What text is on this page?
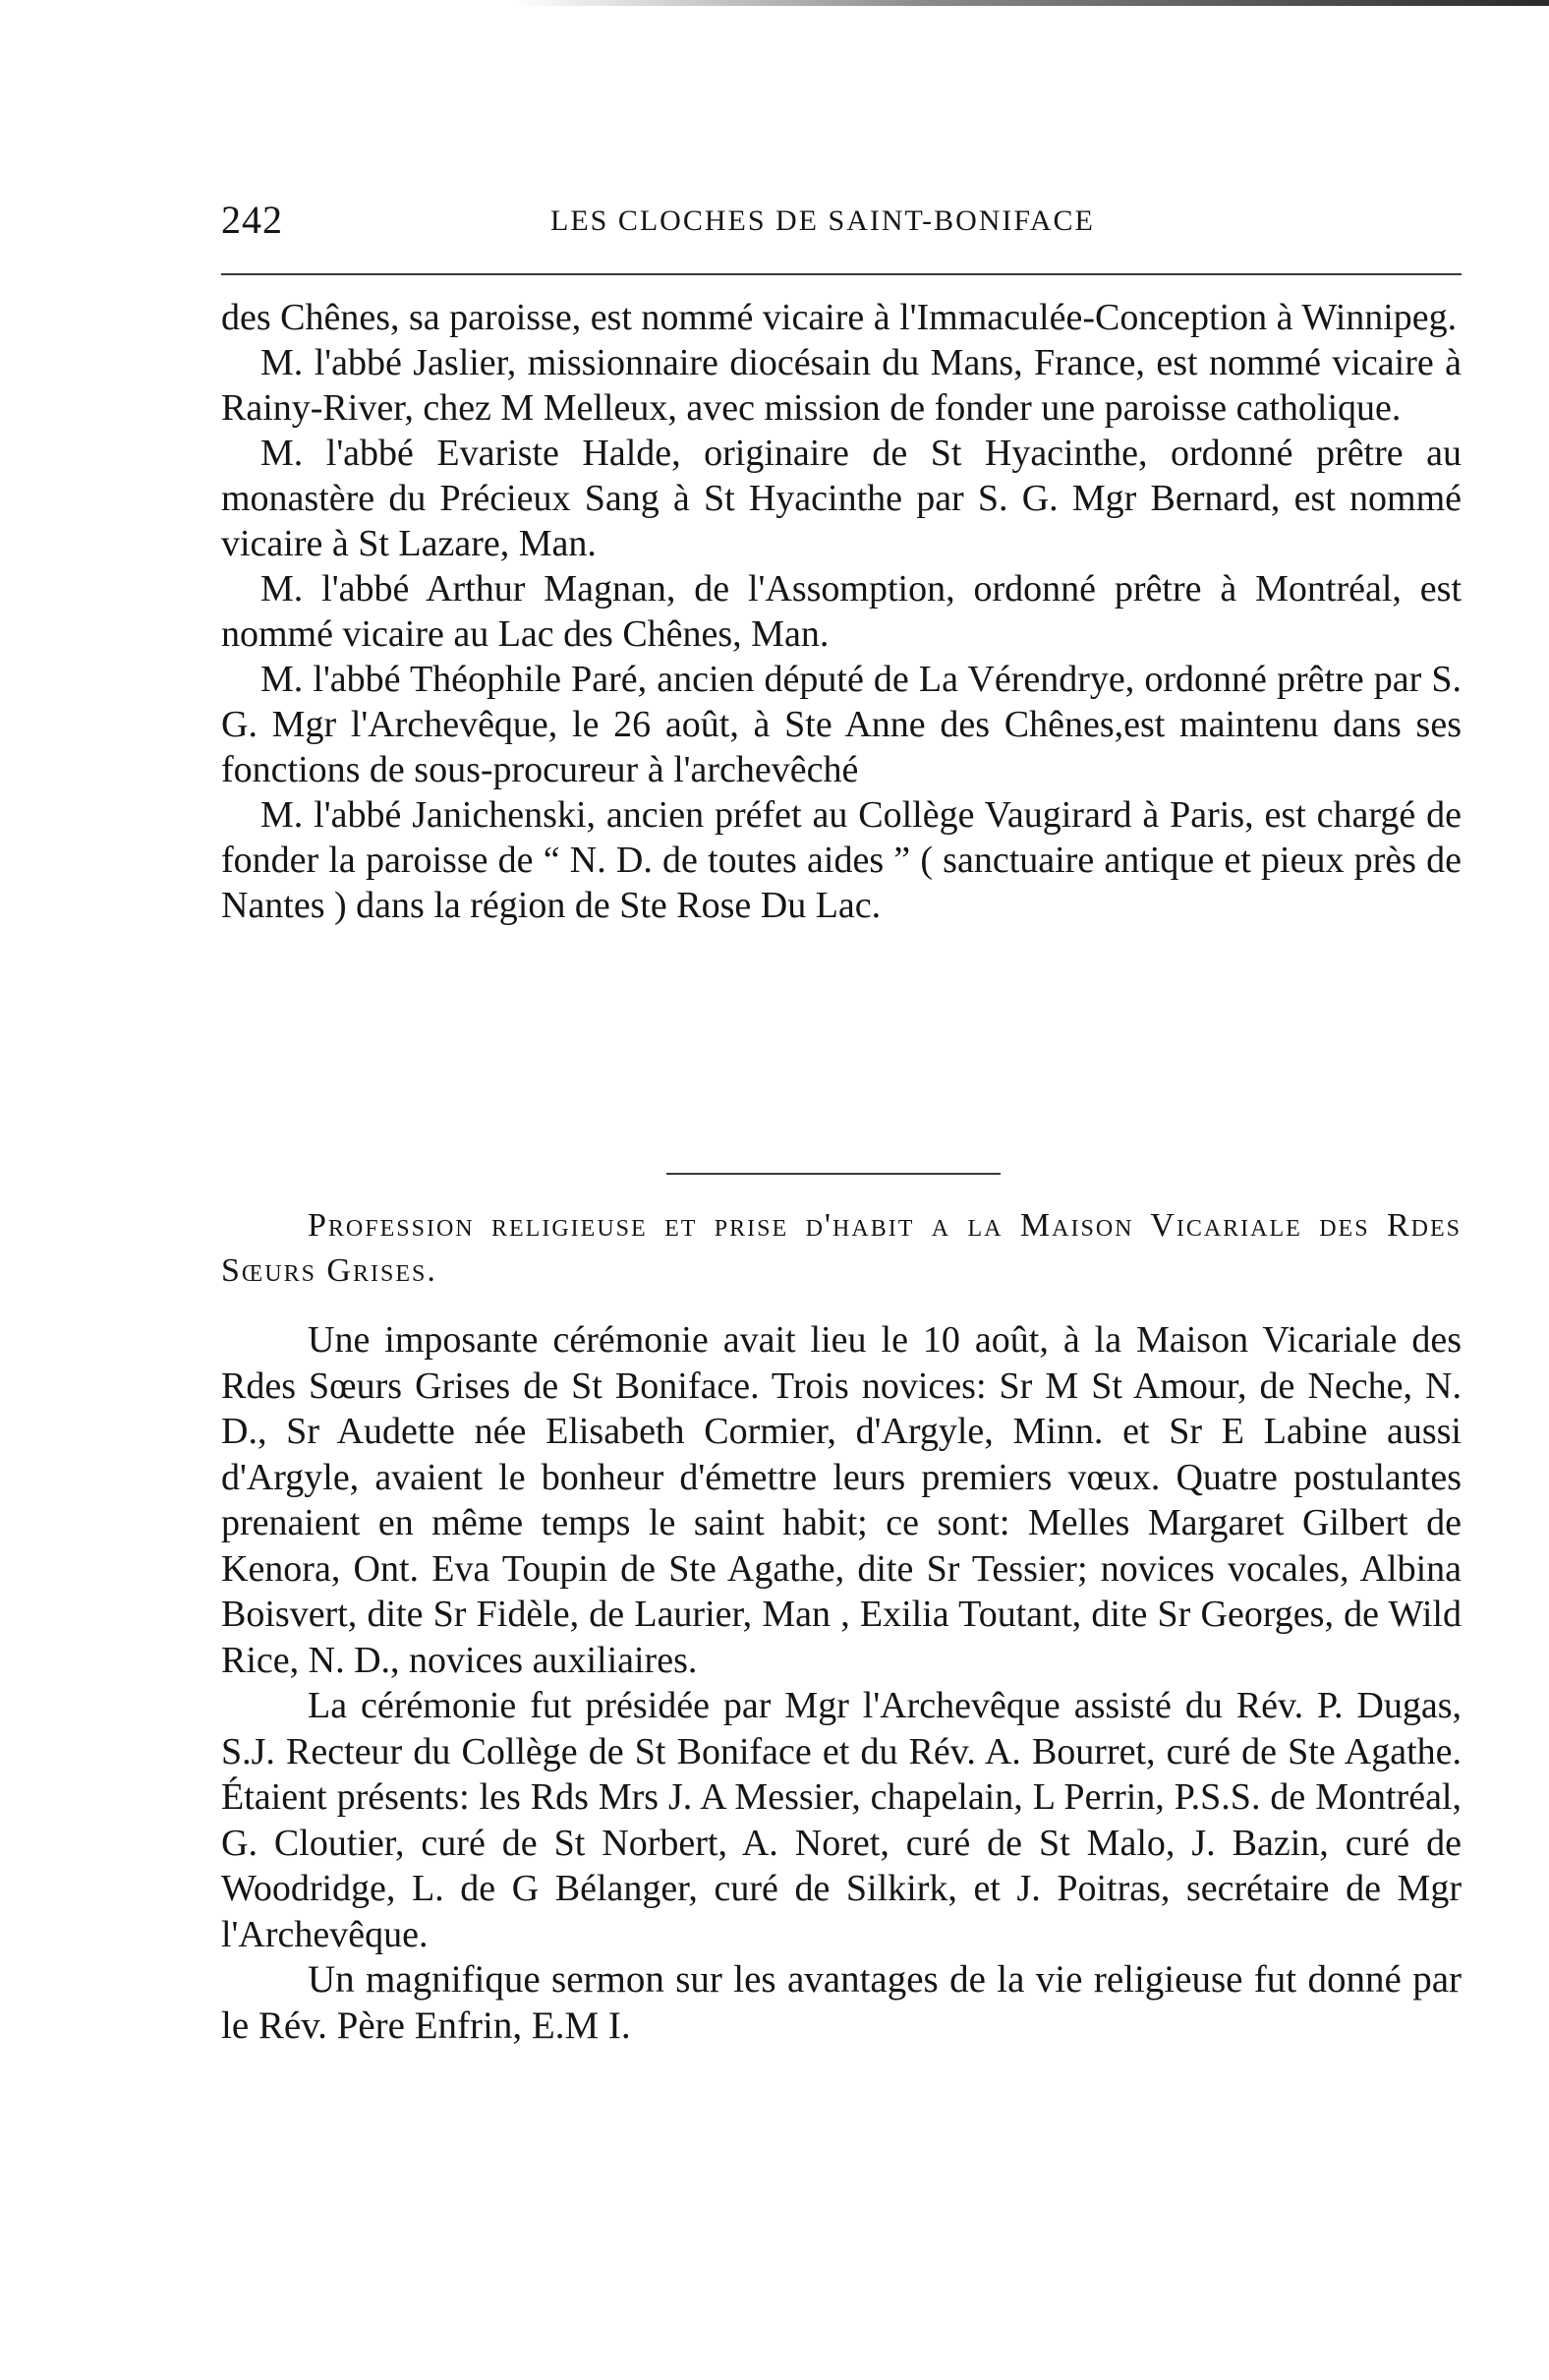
242	LES CLOCHES DE SAINT-BONIFACE

des Chênes, sa paroisse, est nommé vicaire à l'Immaculée-Conception à Winnipeg.

M. l'abbé Jaslier, missionnaire diocésain du Mans, France, est nommé vicaire à Rainy-River, chez M Melleux, avec mission de fonder une paroisse catholique.

M. l'abbé Evariste Halde, originaire de St Hyacinthe, ordonné prêtre au monastère du Précieux Sang à St Hyacinthe par S. G. Mgr Bernard, est nommé vicaire à St Lazare, Man.

M. l'abbé Arthur Magnan, de l'Assomption, ordonné prêtre à Montréal, est nommé vicaire au Lac des Chênes, Man.

M. l'abbé Théophile Paré, ancien député de La Vérendrye, ordonné prêtre par S. G. Mgr l'Archevêque, le 26 août, à Ste Anne des Chênes,est maintenu dans ses fonctions de sous-procureur à l'archevêché

M. l'abbé Janichenski, ancien préfet au Collège Vaugirard à Paris, est chargé de fonder la paroisse de “ N. D. de toutes aides ” ( sanctuaire antique et pieux près de Nantes ) dans la région de Ste Rose Du Lac.

Profession religieuse et prise d'habit a la Maison Vicariale des Rdes Sœurs Grises.

Une imposante cérémonie avait lieu le 10 août, à la Maison Vicariale des Rdes Sœurs Grises de St Boniface. Trois novices: Sr M St Amour, de Neche, N. D., Sr Audette née Elisabeth Cormier, d'Argyle, Minn. et Sr E Labine aussi d'Argyle, avaient le bonheur d'émettre leurs premiers vœux. Quatre postulantes prenaient en même temps le saint habit; ce sont: Melles Margaret Gilbert de Kenora, Ont. Eva Toupin de Ste Agathe, dite Sr Tessier; novices vocales, Albina Boisvert, dite Sr Fidèle, de Laurier, Man , Exilia Toutant, dite Sr Georges, de Wild Rice, N. D., novices auxiliaires.

La cérémonie fut présidée par Mgr l'Archevêque assisté du Rév. P. Dugas, S.J. Recteur du Collège de St Boniface et du Rév. A. Bourret, curé de Ste Agathe. Étaient présents: les Rds Mrs J. A Messier, chapelain, L Perrin, P.S.S. de Montréal, G. Cloutier, curé de St Norbert, A. Noret, curé de St Malo, J. Bazin, curé de Woodridge, L. de G Bélanger, curé de Silkirk, et J. Poitras, secrétaire de Mgr l'Archevêque.

Un magnifique sermon sur les avantages de la vie religieuse fut donné par le Rév. Père Enfrin, E.M I.
